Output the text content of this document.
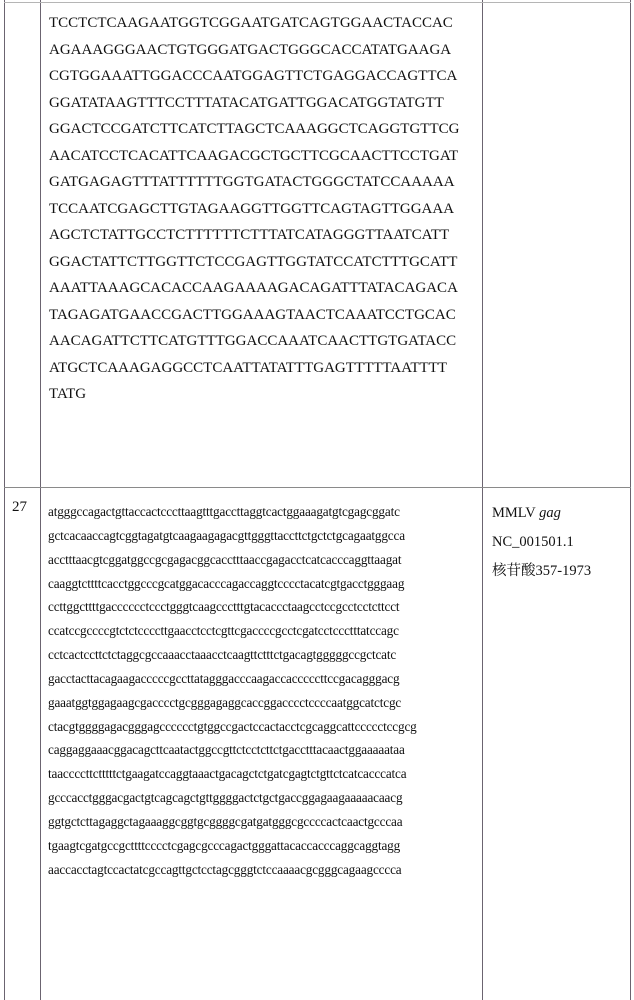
TCCTCTCAAGAATGGTCGGAATGATCAGTGGAACTACCAC
AGAAAGGGAACTGTGGGATGACTGGGCACCATATGAAGA
CGTGGAAATTGGACCCAATGGAGTTCTGAGGACCAGTTCA
GGATATAAGTTTCCTTTATACATGATTGGACATGGTATGTT
GGACTCCGATCTTCATCTTAGCTCAAAGGCTCAGGTGTTCG
AACATCCTCACATTCAAGACGCTGCTTCGCAACTTCCTGAT
GATGAGAGTTTATTTTTTGGTGATACTGGGCTATCCAAAAA
TCCAATCGAGCTTGTAGAAGGTTGGTTCAGTAGTTGGAAA
AGCTCTATTGCCTCTTTTTTCTTTATCATAGGGTTAATCATT
GGACTATTCTTGGTTCTCCGAGTTGGTATCCATCTTTGCATT
AAATTAAAGCACACCAAGAAAAGACAGATTTATACAGACA
TAGAGATGAACCGACTTGGAAAGTAACTCAAATCCTGCAC
AACAGATTCTTCATGTTTGGACCAAATCAACTTGTGATACC
ATGCTCAAAGAGGCCTCAATTATATTTGAGTTTTTAATTTT
TATG
27 atgggccagactgttaccactcccttaagtttgaccttaggtcactggaaagatgtcgagcggatc
gctcacaaccagtcggtagatgtcaagaagagacgttgggttaccttctgctctgcagaatggcca
acctttaacgtcggatggccgcgagacggcacctttaaccgagacctcatcacccaggttaagat
caaggtcttttcacctggcccgcatggacacccagaccaggtcccctacatcgtgacctgggaag
ccttggcttttgacccccctccctgggtcaagccctttgtacaccctaagcctccgcctcctcttcct
ccatccgccccgtctctccccttgaacctcctcgttcgaccccgcctcgatcctccctttatccagc
cctcactccttctctaggcgccaaacctaaacctcaagttctttctgacagtgggggccgctcatc
gacctacttacagaagacccccgccttatagggacccaagaccacccccttccgacagggacg
gaaatggtggagaagcgacccctgcgggagaggcaccggacccctccccaatggcatctcgc
ctacgtggggagacgggagcccccctgtggccgactccactacctcgcaggcattccccctccgcg
caggaggaaacggacagcttcaatactggccgttctcctcttctgacctttacaactggaaaaataa
taaccccttctttttctgaagatccaggtaaactgacagctctgatcgagtctgttctcatcacccatca
gcccacctgggacgactgtcagcagctgttggggactctgctgaccggagaagaaaaacaacg
ggtgctcttagaggctagaaaggcggtgcggggcgatgatgggcgccccactcaactgcccaa
tgaagtcgatgccgcttttcccctcgagcgcccagactgggattacaccacccaggcaggtagg
aaccacctagtccactatcgccagttgctcctagcgggtctccaaaacgcgggcagaagcccca
MMLV gag
NC_001501.1
核苷酸357-1973
